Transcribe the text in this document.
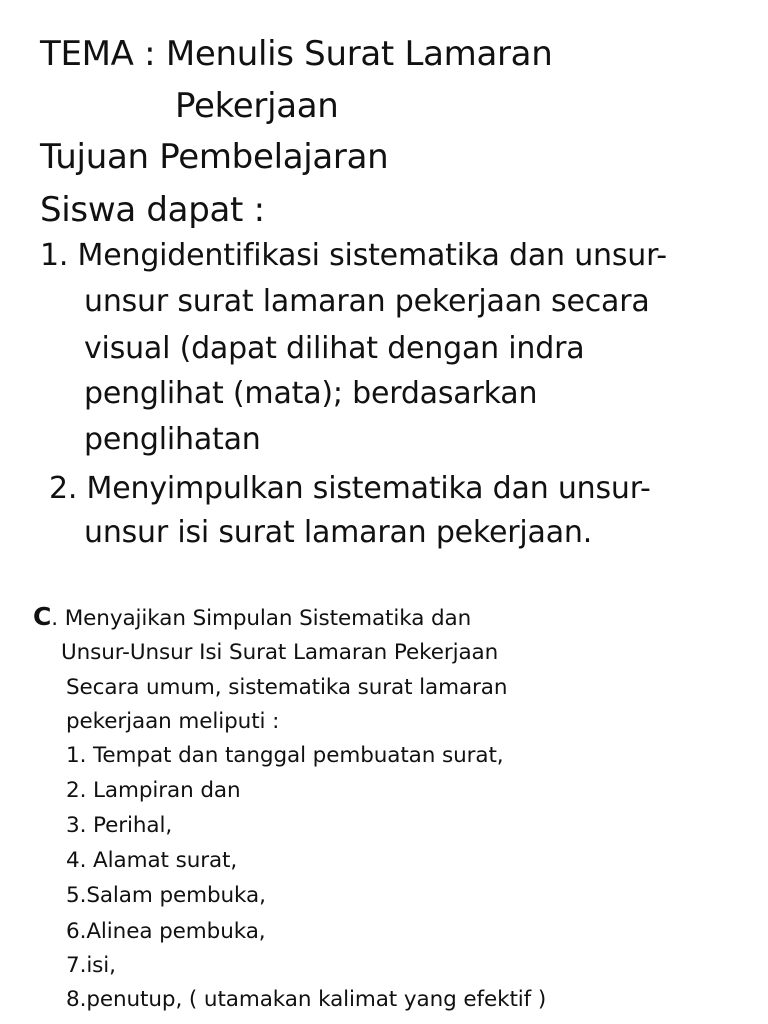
TEMA : Menulis Surat Lamaran
Pekerjaan
Tujuan Pembelajaran
Siswa dapat :
1. Mengidentifikasi sistematika dan unsur-
unsur surat lamaran pekerjaan secara
visual (dapat dilihat dengan indra
penglihat (mata); berdasarkan
penglihatan
2. Menyimpulkan sistematika dan unsur-
unsur isi surat lamaran pekerjaan.
C. Menyajikan Simpulan Sistematika dan
Unsur-Unsur Isi Surat Lamaran Pekerjaan
Secara umum, sistematika surat lamaran
pekerjaan meliputi :
1. Tempat dan tanggal pembuatan surat,
2. Lampiran dan
3. Perihal,
4. Alamat surat,
5.Salam pembuka,
6.Alinea pembuka,
7.isi,
8.penutup, ( utamakan kalimat yang efektif )
